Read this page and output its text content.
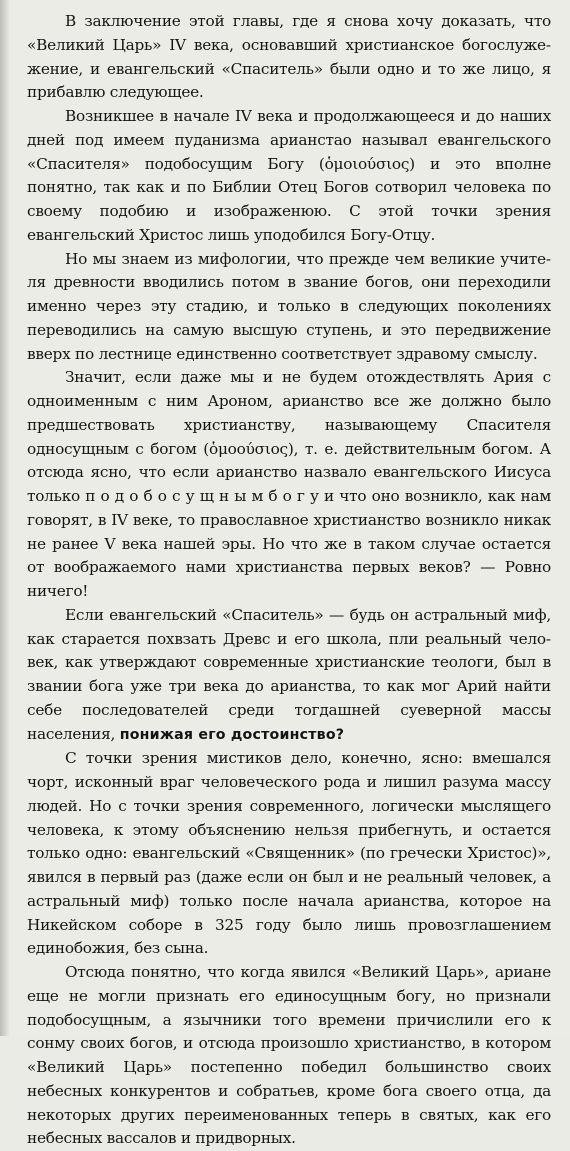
В заключение этой главы, где я снова хочу доказать, что «Великий Царь» IV века, основавший христианское богослужежение, и евангельский «Спаситель» были одно и то же лицо, я прибавлю следующее.

Возникшее в начале IV века и продолжающееся и до наших дней под имеем пуданизма арианстао называл евангельского «Спасителя» подобосущим Богу (ὁμοιούσιος) и это вполне понятно, так как и по Библии Отец Богов сотворил человека по своему подобию и изображенюю. С этой точки зрения евангельский Христос лишь уподобился Богу-Отцу.

Но мы знаем из мифологии, что прежде чем великие учителя древности вводились потом в звание богов, они переходили именно через эту стадию, и только в следующих поколениях переводились на самую высшую ступень, и это передвижение вверх по лестнице единственно соответствует здравому смыслу.

Значит, если даже мы и не будем отождествлять Ария с одноименным с ним Ароном, арианство все же должно было предшествовать христианству, называющему Спасителя односущным с богом (ὁμοούσιος), т. е. действительным богом. А отсюда ясно, что если арианство назвало евангельского Иисуса только п о д о б о с у щ н ы м б о г у и что оно возникло, как нам говорят, в IV веке, то православное христианство возникло никак не ранее V века нашей эры. Но что же в таком случае остается от воображаемого нами христианства первых веков? — Ровно ничего!

Если евангельский «Спаситель» — будь он астральный миф, как старается похвзать Древс и его школа, пли реальный человек, как утверждают современные христианские теологи, был в звании бога уже три века до арианства, то как мог Арий найти себе последователей среди тогдашней суеверной массы населения, понижая его достоинство?

С точки зрения мистиков дело, конечно, ясно: вмешался чорт, исконный враг человеческого рода и лишил разума массу людей. Но с точки зрения современного, логически мыслящего человека, к этому объяснению нельзя прибегнуть, и остается только одно: евангельский «Священник» (по гречески Христос)», явился в первый раз (даже если он был и не реальный человек, а астральный миф) только после начала арианства, которое на Никейском соборе в 325 году было лишь провозглашением единобожия, без сына.

Отсюда понятно, что когда явился «Великий Царь», ариане еще не могли признать его единосущным богу, но признали подобосущным, а язычники того времени причислили его к сонму своих богов, и отсюда произошло христианство, в котором «Великий Царь» постепенно победил большинство своих небесных конкурентов и собратьев, кроме бога своего отца, да некоторых других переименованных теперь в святых, как его небесных вассалов и придворных.
